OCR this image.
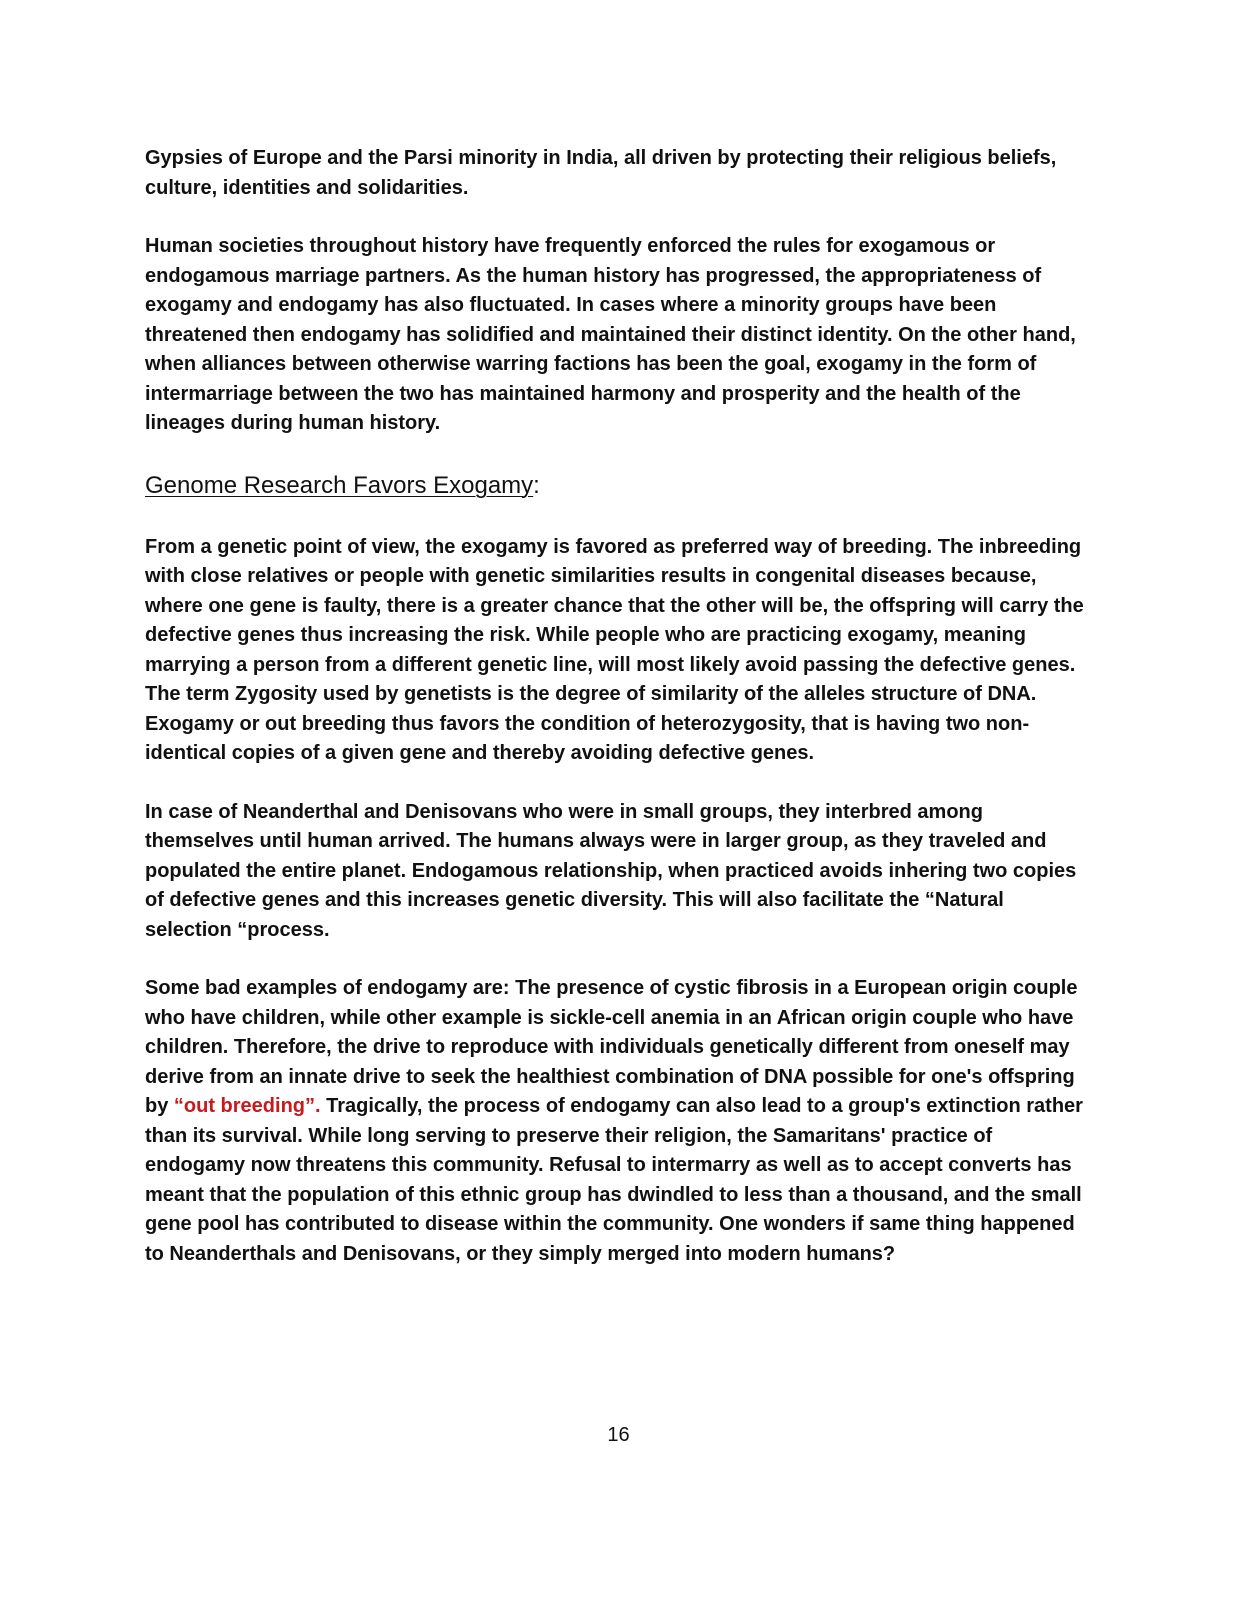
Gypsies of Europe and the Parsi minority in India, all driven by protecting their religious beliefs, culture, identities and solidarities.

Human societies throughout history have frequently enforced the rules for exogamous or endogamous marriage partners. As the human history has progressed, the appropriateness of exogamy and endogamy has also fluctuated. In cases where a minority groups have been threatened then endogamy has solidified and maintained their distinct identity. On the other hand, when alliances between otherwise warring factions has been the goal, exogamy in the form of intermarriage between the two has maintained harmony and prosperity and the health of the lineages during human history.

Genome Research Favors Exogamy:

From a genetic point of view, the exogamy is favored as preferred way of breeding. The inbreeding with close relatives or people with genetic similarities results in congenital diseases because, where one gene is faulty, there is a greater chance that the other will be, the offspring will carry the defective genes thus increasing the risk. While people who are practicing exogamy, meaning marrying a person from a different genetic line, will most likely avoid passing the defective genes. The term Zygosity used by genetists is the degree of similarity of the alleles structure of DNA. Exogamy or out breeding thus favors the condition of heterozygosity, that is having two non-identical copies of a given gene and thereby avoiding defective genes.

In case of Neanderthal and Denisovans who were in small groups, they interbred among themselves until human arrived. The humans always were in larger group, as they traveled and populated the entire planet. Endogamous relationship, when practiced avoids inhering two copies of defective genes and this increases genetic diversity. This will also facilitate the “Natural selection “process.

Some bad examples of endogamy are: The presence of cystic fibrosis in a European origin couple who have children, while other example is sickle-cell anemia in an African origin couple who have children. Therefore, the drive to reproduce with individuals genetically different from oneself may derive from an innate drive to seek the healthiest combination of DNA possible for one's offspring by “out breeding”. Tragically, the process of endogamy can also lead to a group's extinction rather than its survival. While long serving to preserve their religion, the Samaritans' practice of endogamy now threatens this community. Refusal to intermarry as well as to accept converts has meant that the population of this ethnic group has dwindled to less than a thousand, and the small gene pool has contributed to disease within the community. One wonders if same thing happened to Neanderthals and Denisovans, or they simply merged into modern humans?

16
